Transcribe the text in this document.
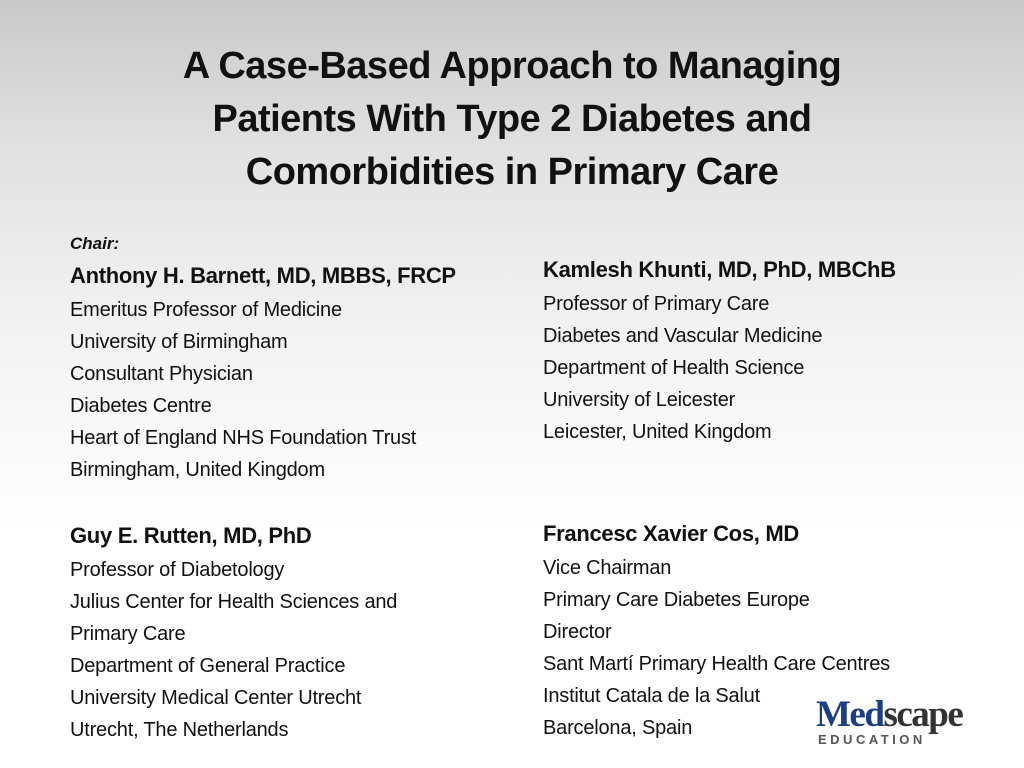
A Case-Based Approach to Managing
Patients With Type 2 Diabetes and
Comorbidities in Primary Care
Chair:
Anthony H. Barnett, MD, MBBS, FRCP
Emeritus Professor of Medicine
University of Birmingham
Consultant Physician
Diabetes Centre
Heart of England NHS Foundation Trust
Birmingham, United Kingdom
Kamlesh Khunti, MD, PhD, MBChB
Professor of Primary Care
Diabetes and Vascular Medicine
Department of Health Science
University of Leicester
Leicester, United Kingdom
Guy E. Rutten, MD, PhD
Professor of Diabetology
Julius Center for Health Sciences and
Primary Care
Department of General Practice
University Medical Center Utrecht
Utrecht, The Netherlands
Francesc Xavier Cos, MD
Vice Chairman
Primary Care Diabetes Europe
Director
Sant Martí Primary Health Care Centres
Institut Catala de la Salut
Barcelona, Spain	Medscape
EDUCATION
